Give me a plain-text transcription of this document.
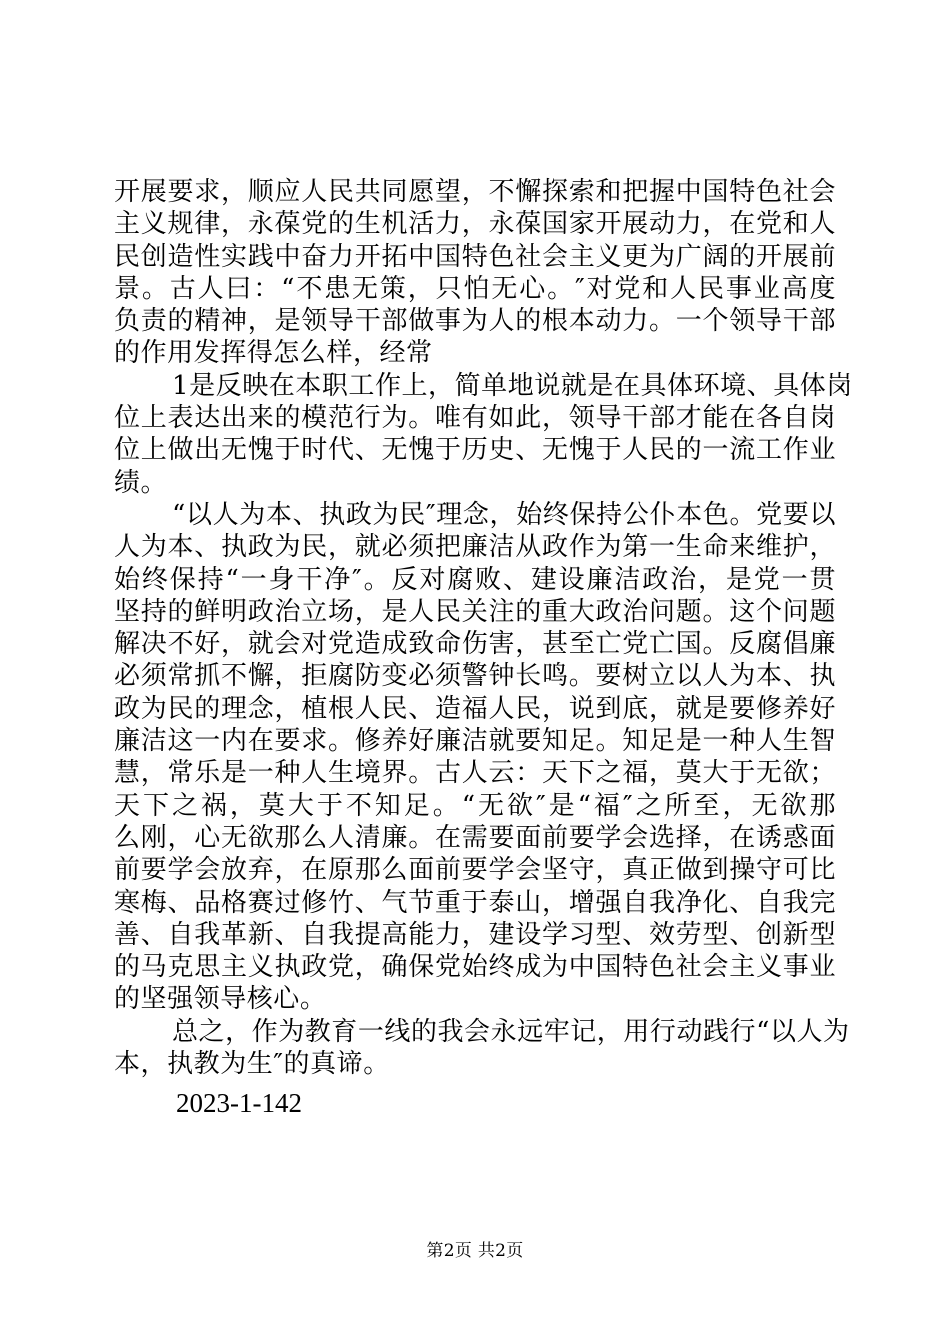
开展要求，顺应人民共同愿望，不懈探索和把握中国特色社会
主义规律，永葆党的生机活力，永葆国家开展动力，在党和人
民创造性实践中奋力开拓中国特色社会主义更为广阔的开展前
景。古人曰：“不患无策，只怕无心。″对党和人民事业高度
负责的精神，是领导干部做事为人的根本动力。一个领导干部
的作用发挥得怎么样，经常
1是反映在本职工作上，简单地说就是在具体环境、具体岗
位上表达出来的模范行为。唯有如此，领导干部才能在各自岗
位上做出无愧于时代、无愧于历史、无愧于人民的一流工作业
绩。
“以人为本、执政为民″理念，始终保持公仆本色。党要以
人为本、执政为民，就必须把廉洁从政作为第一生命来维护，
始终保持“一身干净″。反对腐败、建设廉洁政治，是党一贯
坚持的鲜明政治立场，是人民关注的重大政治问题。这个问题
解决不好，就会对党造成致命伤害，甚至亡党亡国。反腐倡廉
必须常抓不懈，拒腐防变必须警钟长鸣。要树立以人为本、执
政为民的理念，植根人民、造福人民，说到底，就是要修养好
廉洁这一内在要求。修养好廉洁就要知足。知足是一种人生智
慧，常乐是一种人生境界。古人云：天下之福，莫大于无欲；
天下之祸，莫大于不知足。“无欲″是“福″之所至，无欲那
么刚，心无欲那么人清廉。在需要面前要学会选择，在诱惑面
前要学会放弃，在原那么面前要学会坚守，真正做到操守可比
寒梅、品格赛过修竹、气节重于泰山，增强自我净化、自我完
善、自我革新、自我提高能力，建设学习型、效劳型、创新型
的马克思主义执政党，确保党始终成为中国特色社会主义事业
的坚强领导核心。
总之，作为教育一线的我会永远牢记，用行动践行“以人为
本，执教为生″的真谛。
2023-1-142
第2页 共2页
